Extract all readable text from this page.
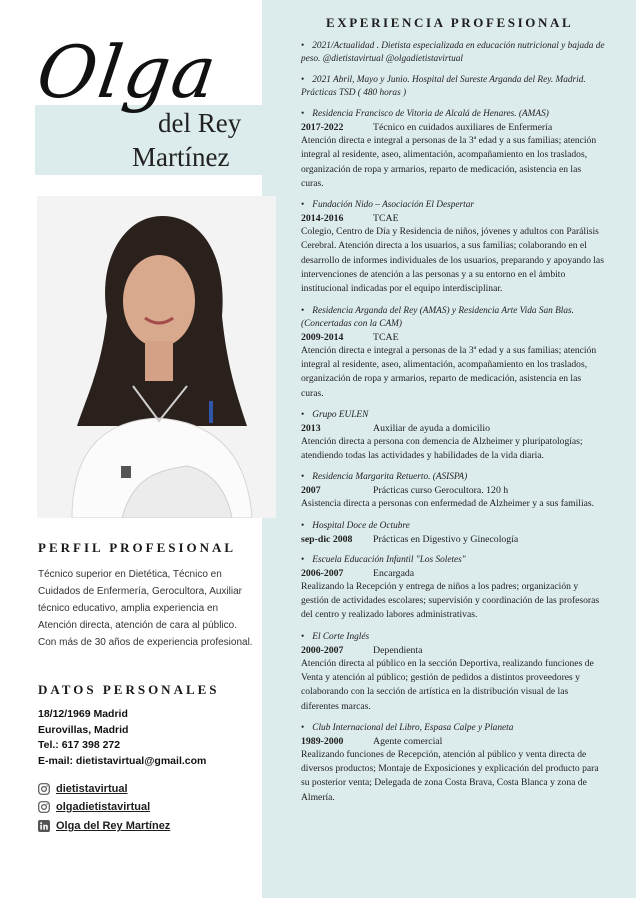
Olga
del Rey
Martínez
PERFIL PROFESIONAL
Técnico superior en Dietética, Técnico en Cuidados de Enfermería, Gerocultora, Auxiliar técnico educativo, amplia experiencia en Atención directa, atención de cara al público. Con más de 30 años de experiencia profesional.
DATOS PERSONALES
18/12/1969 Madrid
Eurovillas, Madrid
Tel.: 617 398 272
E-mail: dietistavirtual@gmail.com
dietistavirtual
olgadietistavirtual
Olga del Rey Martínez
EXPERIENCIA PROFESIONAL
• 2021/Actualidad . Dietista especializada en educación nutricional y bajada de peso. @dietistavirtual @olgadietistavirtual
• 2021 Abril, Mayo y Junio. Hospital del Sureste Arganda del Rey. Madrid. Prácticas TSD ( 480 horas )
• Residencia Francisco de Vitoria de Alcalá de Henares. (AMAS)
2017-2022	Técnico en cuidados auxiliares de Enfermería
Atención directa e integral a personas de la 3ª edad y a sus familias; atención integral al residente, aseo, alimentación, acompañamiento en los traslados, organización de ropa y armarios, reparto de medicación, asistencia en las curas.
• Fundación Nido – Asociación El Despertar
2014-2016	TCAE
Colegio, Centro de Día y Residencia de niños, jóvenes y adultos con Parálisis Cerebral. Atención directa a los usuarios, a sus familias; colaborando en el desarrollo de informes individuales de los usuarios, preparando y apoyando las intervenciones de atención a las personas y a su entorno en el ámbito institucional indicadas por el equipo interdisciplinar.
• Residencia Arganda del Rey (AMAS) y Residencia Arte Vida San Blas. (Concertadas con la CAM)
2009-2014	TCAE
Atención directa e integral a personas de la 3ª edad y a sus familias; atención integral al residente, aseo, alimentación, acompañamiento en los traslados, organización de ropa y armarios, reparto de medicación, asistencia en las curas.
• Grupo EULEN
2013	Auxiliar de ayuda a domicilio
Atención directa a persona con demencia de Alzheimer y pluripatologías; atendiendo todas las actividades y habilidades de la vida diaria.
• Residencia Margarita Retuerto. (ASISPA)
2007	Prácticas curso Gerocultora. 120 h
Asistencia directa a personas con enfermedad de Alzheimer y a sus familias.
• Hospital Doce de Octubre
sep-dic 2008	Prácticas en Digestivo y Ginecología
• Escuela Educación Infantil "Los Soletes"
2006-2007	Encargada
Realizando la Recepción y entrega de niños a los padres; organización y gestión de actividades escolares; supervisión y coordinación de las profesoras del centro y realizado labores administrativas.
• El Corte Inglés
2000-2007	Dependienta
Atención directa al público en la sección Deportiva, realizando funciones de Venta y atención al público; gestión de pedidos a distintos proveedores y colaborando con la sección de artística en la distribución visual de las diferentes marcas.
• Club Internacional del Libro, Espasa Calpe y Planeta
1989-2000	Agente comercial
Realizando funciones de Recepción, atención al público y venta directa de diversos productos; Montaje de Exposiciones y explicación del producto para su posterior venta; Delegada de zona Costa Brava, Costa Blanca y zona de Almería.
